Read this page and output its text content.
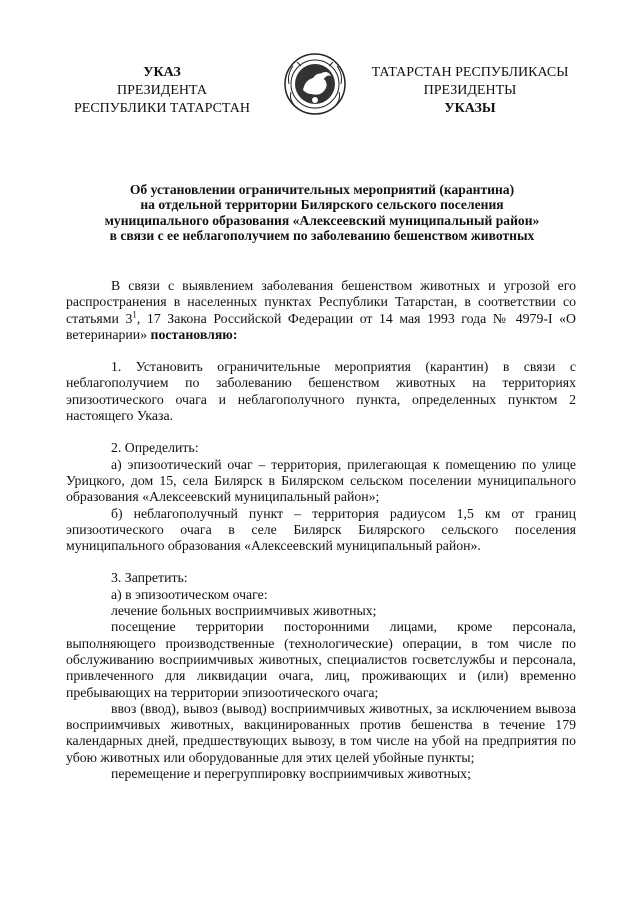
УКАЗ
ПРЕЗИДЕНТА
РЕСПУБЛИКИ ТАТАРСТАН
ТАТАРСТАН РЕСПУБЛИКАСЫ
ПРЕЗИДЕНТЫ
УКАЗЫ
Об установлении ограничительных мероприятий (карантина)
на отдельной территории Билярского сельского поселения
муниципального образования «Алексеевский муниципальный район»
в связи с ее неблагополучием по заболеванию бешенством животных

В связи с выявлением заболевания бешенством животных и угрозой его распространения в населенных пунктах Республики Татарстан, в соответствии со статьями $3^1$, 17 Закона Российской Федерации от 14 мая 1993 года № 4979-I «О ветеринарии» постановляю:

1. Установить ограничительные мероприятия (карантин) в связи с неблагополучием по заболеванию бешенством животных на территориях эпизоотического очага и неблагополучного пункта, определенных пунктом 2 настоящего Указа.

2. Определить:

а) эпизоотический очаг – территория, прилегающая к помещению по улице Урицкого, дом 15, села Билярск в Билярском сельском поселении муниципального образования «Алексеевский муниципальный район»;

б) неблагополучный пункт – территория радиусом 1,5 км от границ эпизоотического очага в селе Билярск Билярского сельского поселения муниципального образования «Алексеевский муниципальный район».

3. Запретить:

а) в эпизоотическом очаге:

лечение больных восприимчивых животных;

посещение территории посторонними лицами, кроме персонала, выполняющего производственные (технологические) операции, в том числе по обслуживанию восприимчивых животных, специалистов госветслужбы и персонала, привлеченного для ликвидации очага, лиц, проживающих и (или) временно пребывающих на территории эпизоотического очага;

ввоз (ввод), вывоз (вывод) восприимчивых животных, за исключением вывоза восприимчивых животных, вакцинированных против бешенства в течение 179 календарных дней, предшествующих вывозу, в том числе на убой на предприятия по убою животных или оборудованные для этих целей убойные пункты;

перемещение и перегруппировку восприимчивых животных;
